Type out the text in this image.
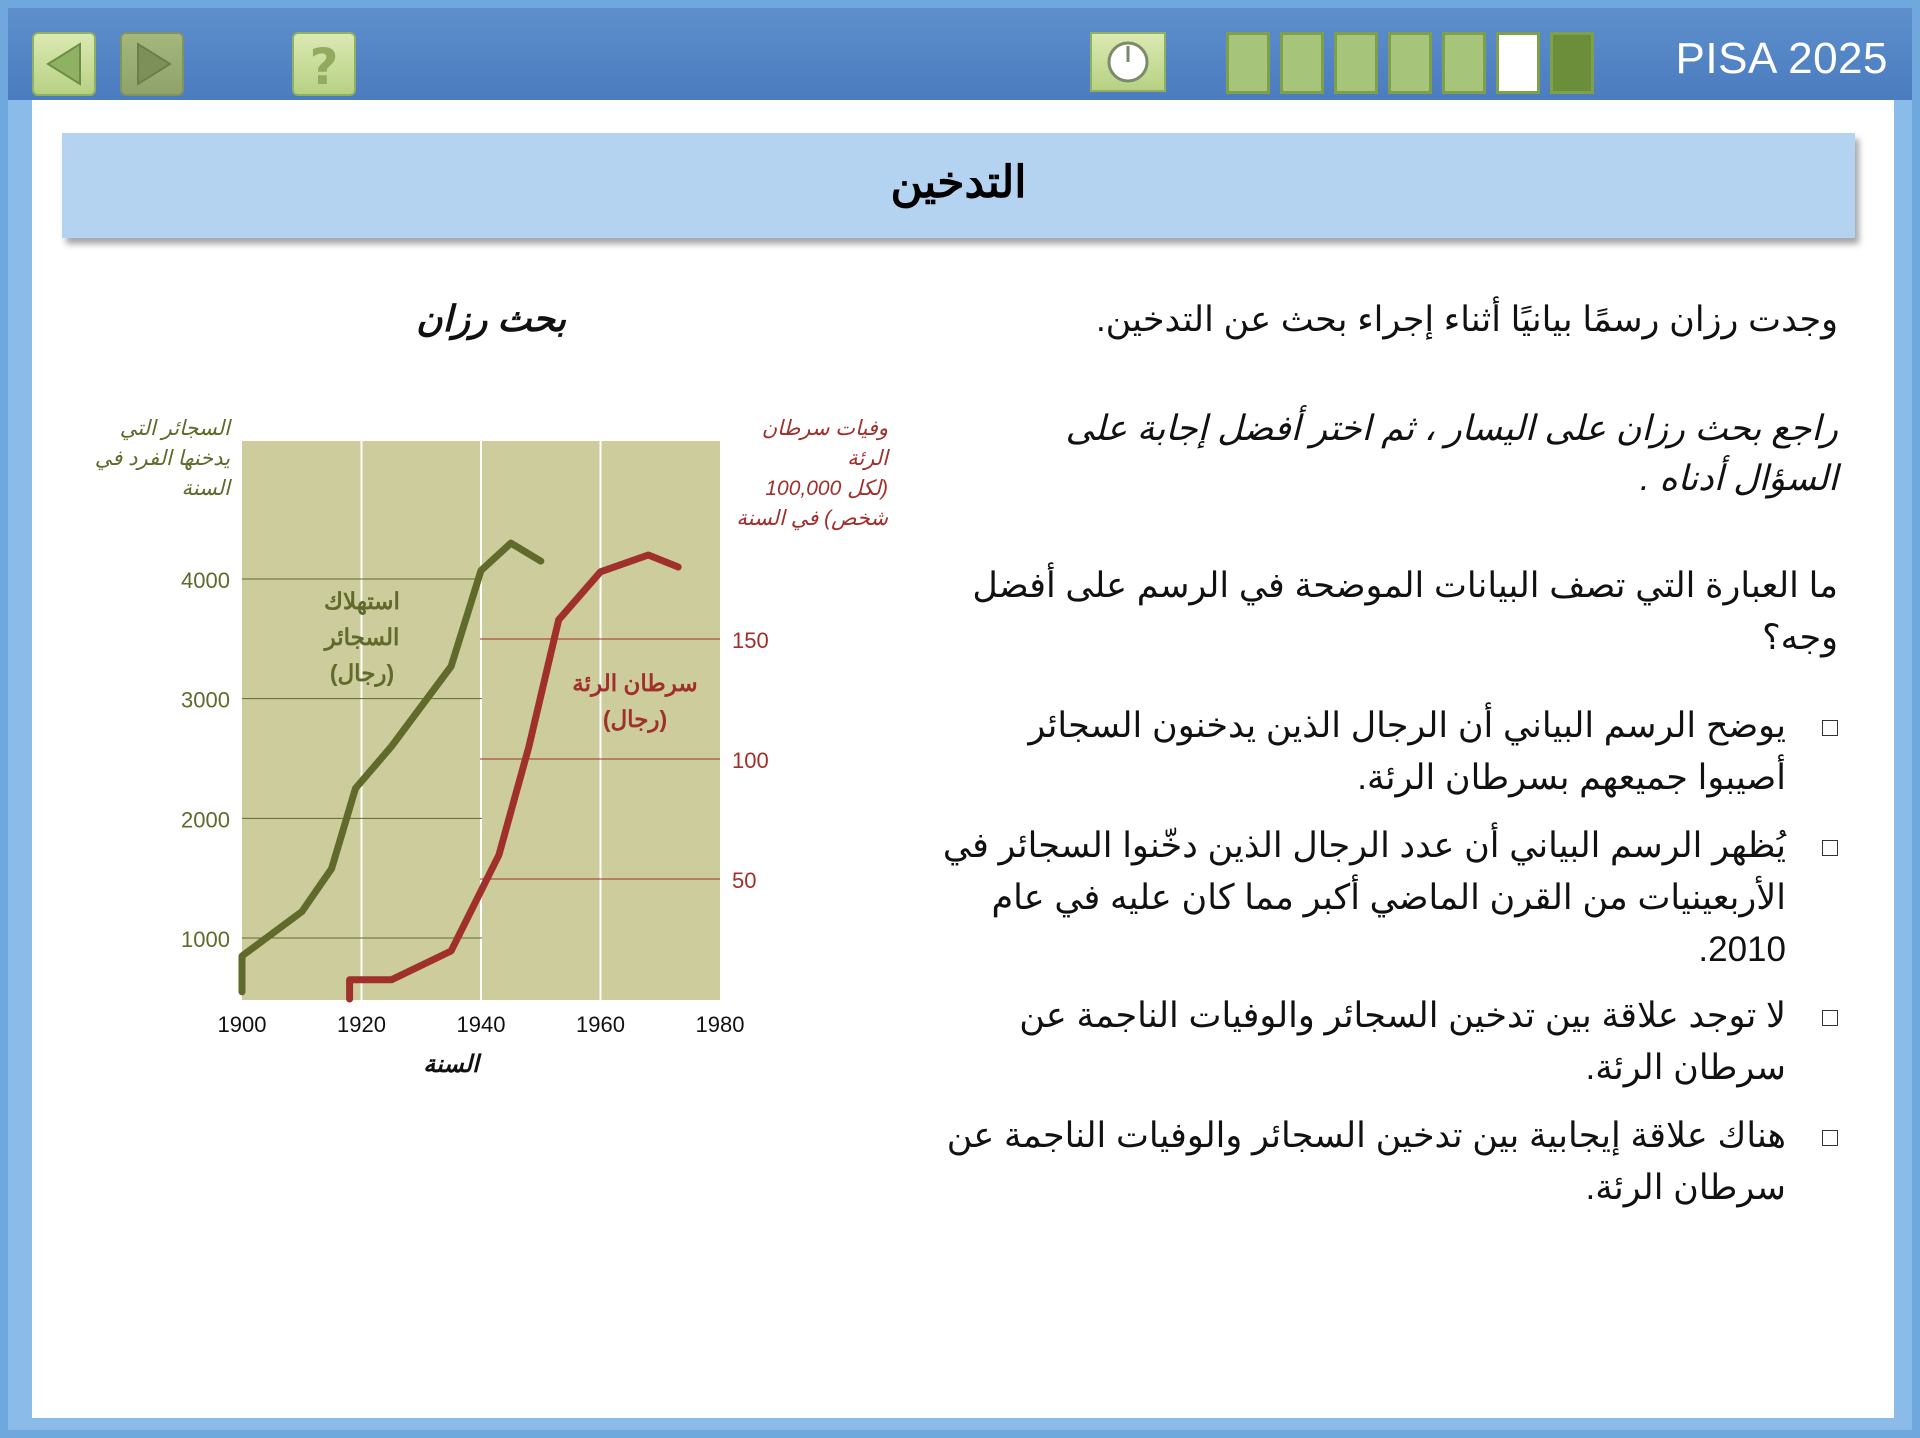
?	PISA 2025
التدخين
وجدت رزان رسمًا بيانيًا أثناء إجراء بحث عن التدخين.
راجع بحث رزان على اليسار ، ثم اختر أفضل إجابة على السؤال أدناه .
ما العبارة التي تصف البيانات الموضحة في الرسم على أفضل وجه؟
يوضح الرسم البياني أن الرجال الذين يدخنون السجائر أصيبوا جميعهم بسرطان الرئة.
يُظهر الرسم البياني أن عدد الرجال الذين دخّنوا السجائر في الأربعينيات من القرن الماضي أكبر مما كان عليه في عام 2010.
لا توجد علاقة بين تدخين السجائر والوفيات الناجمة عن سرطان الرئة.
هناك علاقة إيجابية بين تدخين السجائر والوفيات الناجمة عن سرطان الرئة.
بحث رزان
1000
2000
3000
4000
50
100
150
1900	1920	1940	1960	1980
السنة
السجائر التي
يدخنها الفرد في
السنة
وفيات سرطان
الرئة
(لكل 100,000
شخص) في السنة
استهلاك
السجائر
(رجال)	سرطان الرئة
(رجال)
